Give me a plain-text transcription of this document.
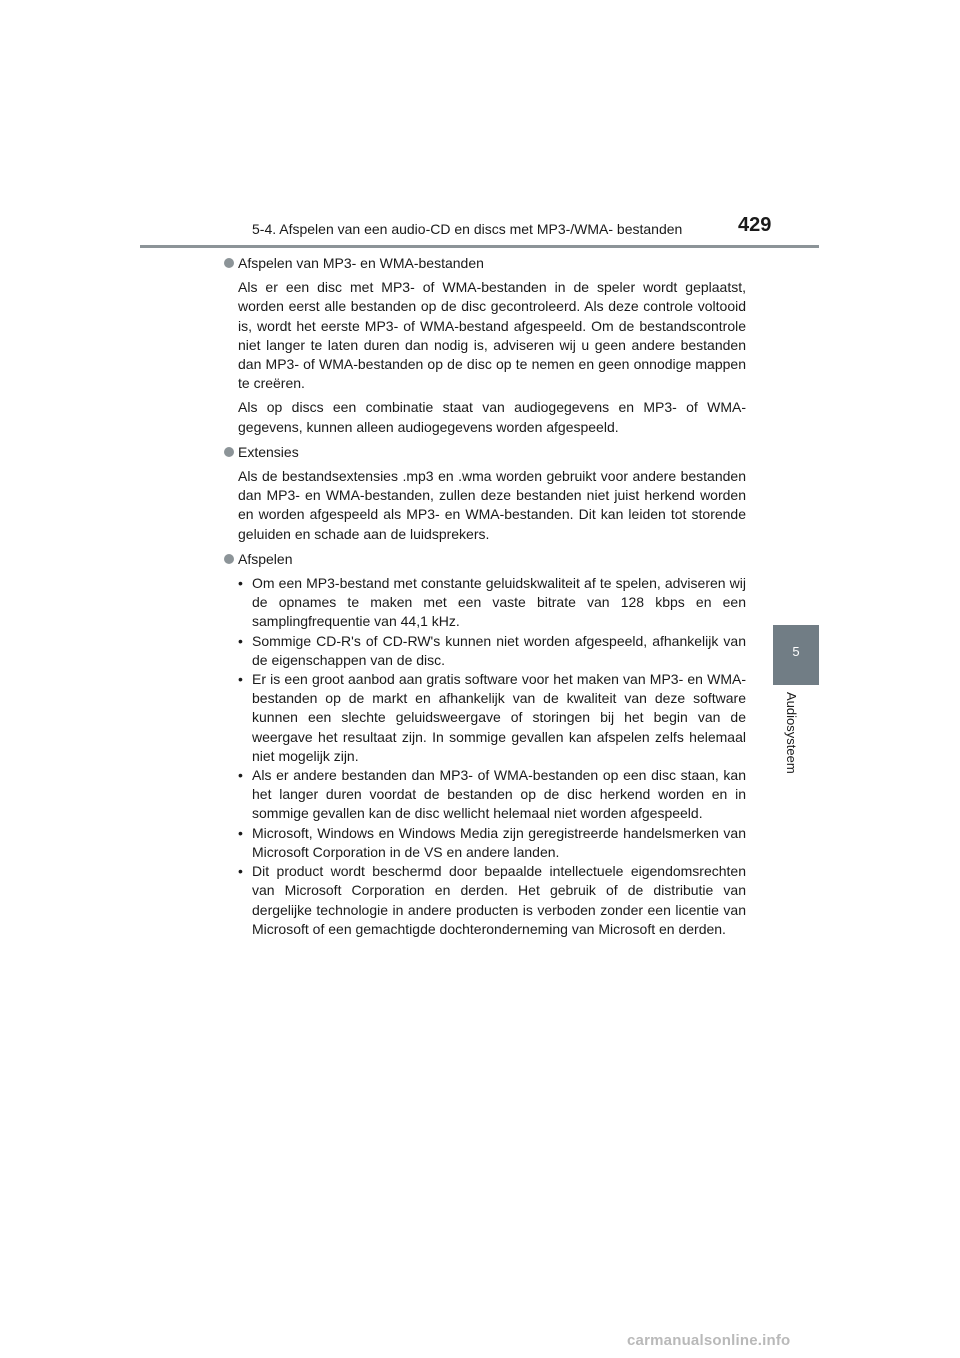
5-4. Afspelen van een audio-CD en discs met MP3-/WMA- bestanden	429
5
Audiosysteem

Afspelen van MP3- en WMA-bestanden

Als er een disc met MP3- of WMA-bestanden in de speler wordt geplaatst, worden eerst alle bestanden op de disc gecontroleerd. Als deze controle voltooid is, wordt het eerste MP3- of WMA-bestand afgespeeld. Om de bestandscontrole niet langer te laten duren dan nodig is, adviseren wij u geen andere bestanden dan MP3- of WMA-bestanden op de disc op te nemen en geen onnodige mappen te creëren.

Als op discs een combinatie staat van audiogegevens en MP3- of WMA-gegevens, kunnen alleen audiogegevens worden afgespeeld.

Extensies

Als de bestandsextensies .mp3 en .wma worden gebruikt voor andere bestanden dan MP3- en WMA-bestanden, zullen deze bestanden niet juist herkend worden en worden afgespeeld als MP3- en WMA-bestanden. Dit kan leiden tot storende geluiden en schade aan de luidsprekers.

Afspelen

• Om een MP3-bestand met constante geluidskwaliteit af te spelen, adviseren wij de opnames te maken met een vaste bitrate van 128 kbps en een samplingfrequentie van 44,1 kHz.
• Sommige CD-R's of CD-RW's kunnen niet worden afgespeeld, afhankelijk van de eigenschappen van de disc.
• Er is een groot aanbod aan gratis software voor het maken van MP3- en WMA-bestanden op de markt en afhankelijk van de kwaliteit van deze software kunnen een slechte geluidsweergave of storingen bij het begin van de weergave het resultaat zijn. In sommige gevallen kan afspelen zelfs helemaal niet mogelijk zijn.
• Als er andere bestanden dan MP3- of WMA-bestanden op een disc staan, kan het langer duren voordat de bestanden op de disc herkend worden en in sommige gevallen kan de disc wellicht helemaal niet worden afgespeeld.
• Microsoft, Windows en Windows Media zijn geregistreerde handelsmerken van Microsoft Corporation in de VS en andere landen.
• Dit product wordt beschermd door bepaalde intellectuele eigendomsrechten van Microsoft Corporation en derden. Het gebruik of de distributie van dergelijke technologie in andere producten is verboden zonder een licentie van Microsoft of een gemachtigde dochteronderneming van Microsoft en derden.
carmanualsonline.info
